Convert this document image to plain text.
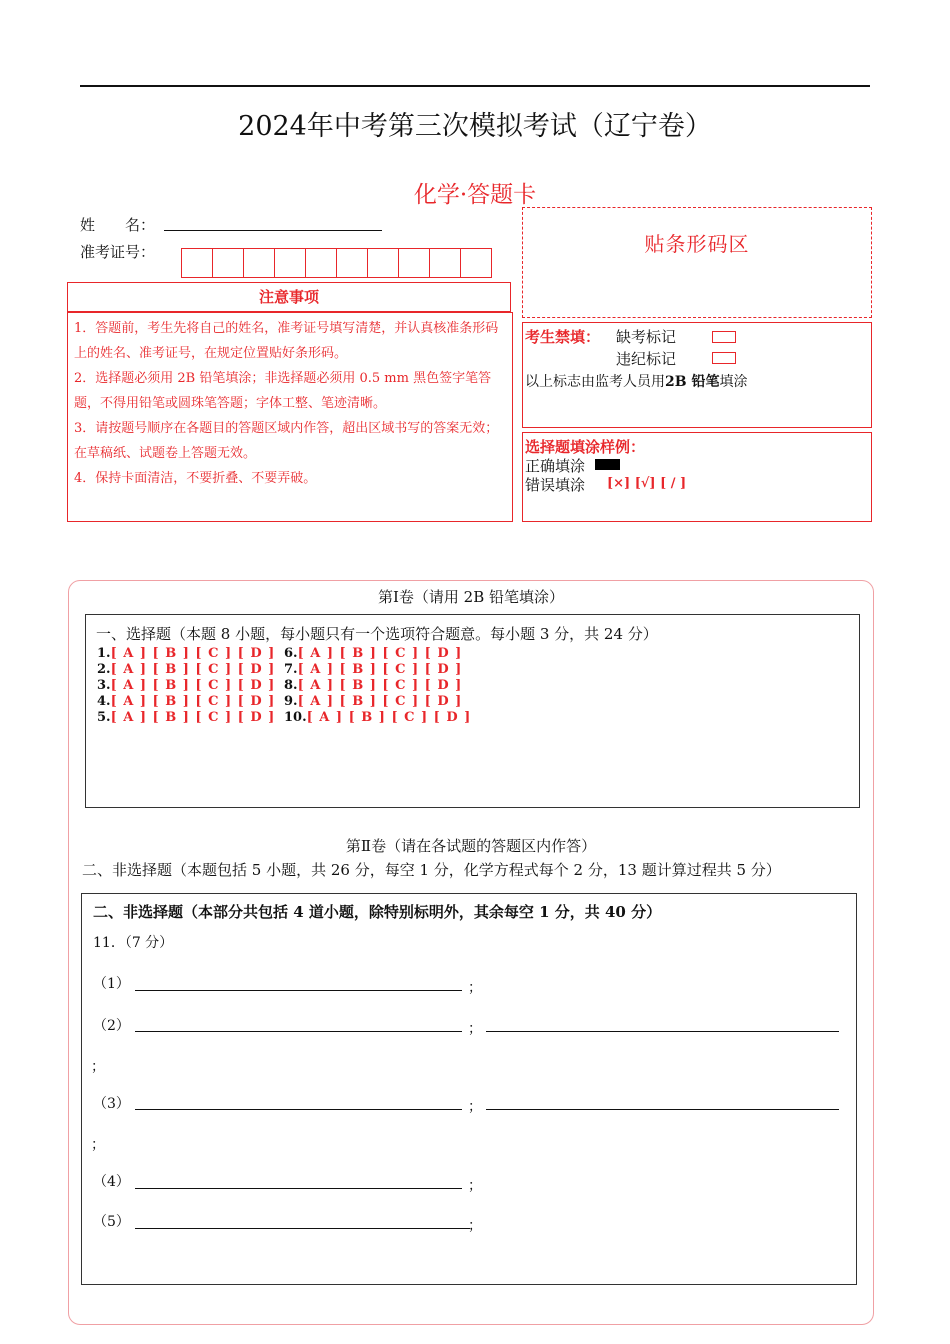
2024年中考第三次模拟考试（辽宁卷）
化学·答题卡
姓　　名：
准考证号：
注意事项
1．答题前，考生先将自己的姓名，准考证号填写清楚，并认真核准条形码上的姓名、准考证号，在规定位置贴好条形码。
2．选择题必须用 2B 铅笔填涂；非选择题必须用 0.5 mm 黑色签字笔答题，不得用铅笔或圆珠笔答题；字体工整、笔迹清晰。
3．请按题号顺序在各题目的答题区域内作答，超出区域书写的答案无效；在草稿纸、试题卷上答题无效。
4．保持卡面清洁，不要折叠、不要弄破。
贴条形码区
考生禁填： 缺考标记
违纪标记
以上标志由监考人员用2B 铅笔填涂
选择题填涂样例：
正确填涂
错误填涂 [×] [√] [ / ]
第Ⅰ卷（请用 2B 铅笔填涂）
一、选择题（本题 8 小题，每小题只有一个选项符合题意。每小题 3 分，共 24 分）
1.[ A ] [ B ] [ C ] [ D ]
2.[ A ] [ B ] [ C ] [ D ]
3.[ A ] [ B ] [ C ] [ D ]
4.[ A ] [ B ] [ C ] [ D ]
5.[ A ] [ B ] [ C ] [ D ]
6.[ A ] [ B ] [ C ] [ D ]
7.[ A ] [ B ] [ C ] [ D ]
8.[ A ] [ B ] [ C ] [ D ]
9.[ A ] [ B ] [ C ] [ D ]
10.[ A ] [ B ] [ C ] [ D ]
第Ⅱ卷（请在各试题的答题区内作答）
二、非选择题（本题包括 5 小题，共 26 分，每空 1 分，化学方程式每个 2 分，13 题计算过程共 5 分）
二、非选择题（本部分共包括 4 道小题，除特别标明外，其余每空 1 分，共 40 分）
11．（7 分）
（1）	；
（2）	；
；
（3）	；
；
（4）	；
（5）	；
